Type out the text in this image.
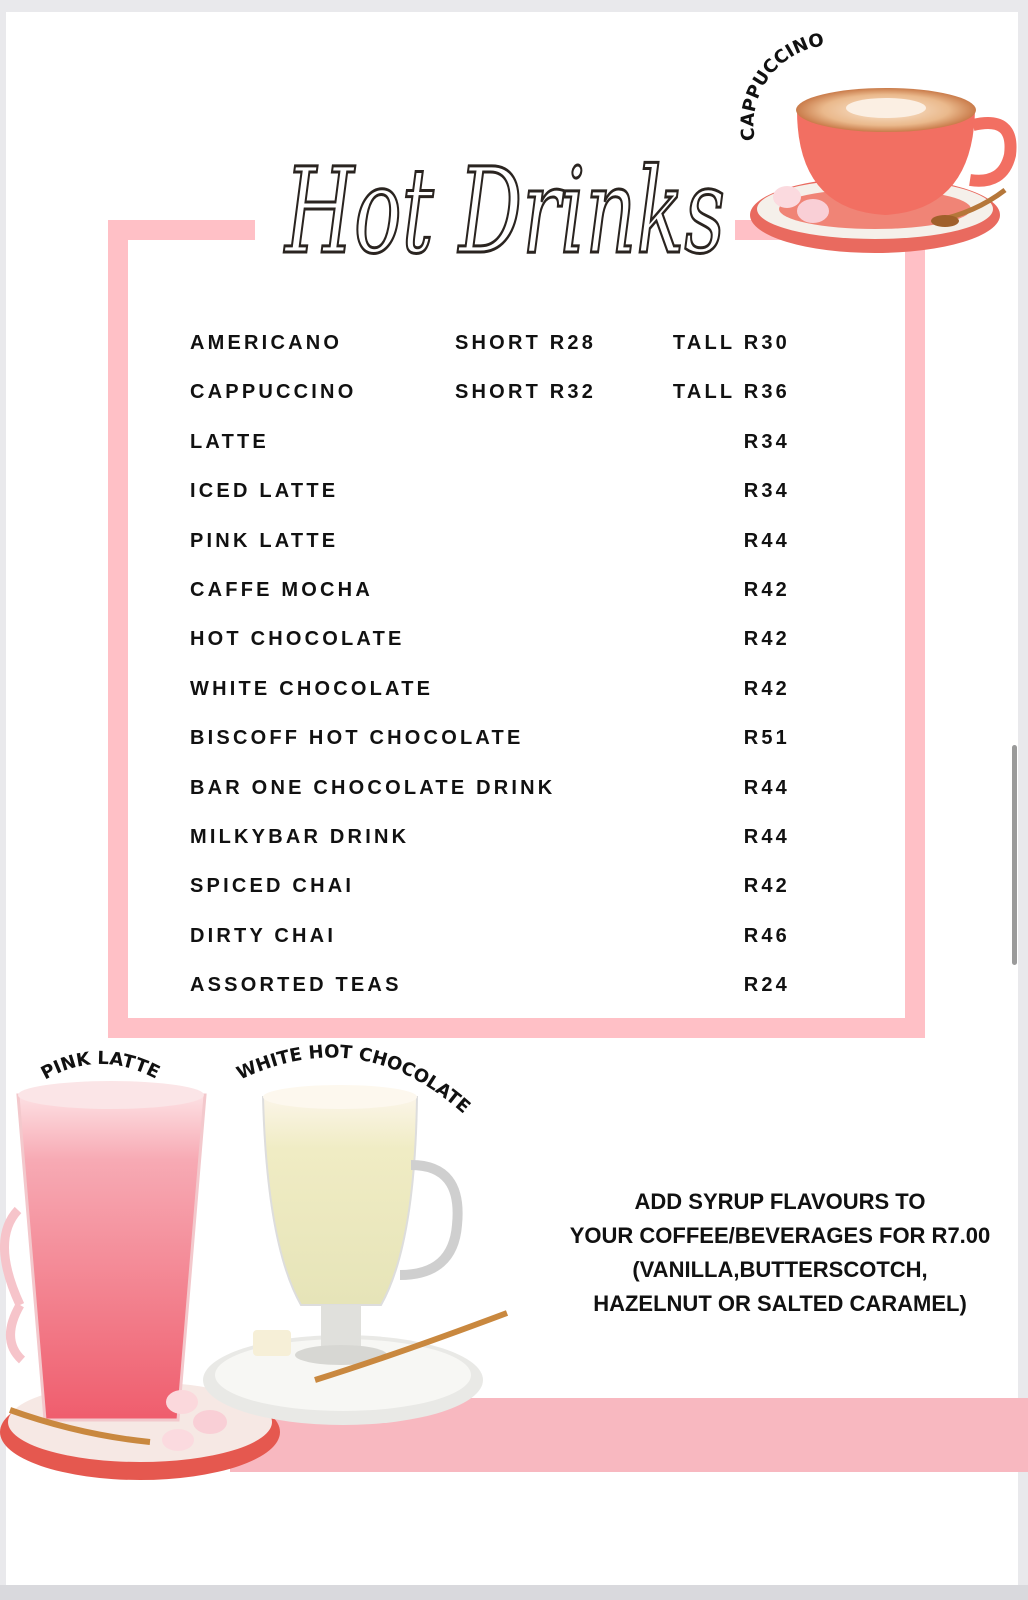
Hot Drinks
CAPPUCCINO
AMERICANO	SHORT R28	TALL R30
CAPPUCCINO	SHORT R32	TALL R36
LATTE	R34
ICED LATTE	R34
PINK LATTE	R44
CAFFE MOCHA	R42
HOT CHOCOLATE	R42
WHITE CHOCOLATE	R42
BISCOFF HOT CHOCOLATE	R51
BAR ONE CHOCOLATE DRINK	R44
MILKYBAR DRINK	R44
SPICED CHAI	R42
DIRTY CHAI	R46
ASSORTED TEAS	R24
PINK LATTE	WHITE HOT CHOCOLATE
ADD SYRUP FLAVOURS TO
YOUR COFFEE/BEVERAGES FOR R7.00
(VANILLA,BUTTERSCOTCH,
HAZELNUT OR SALTED CARAMEL)
